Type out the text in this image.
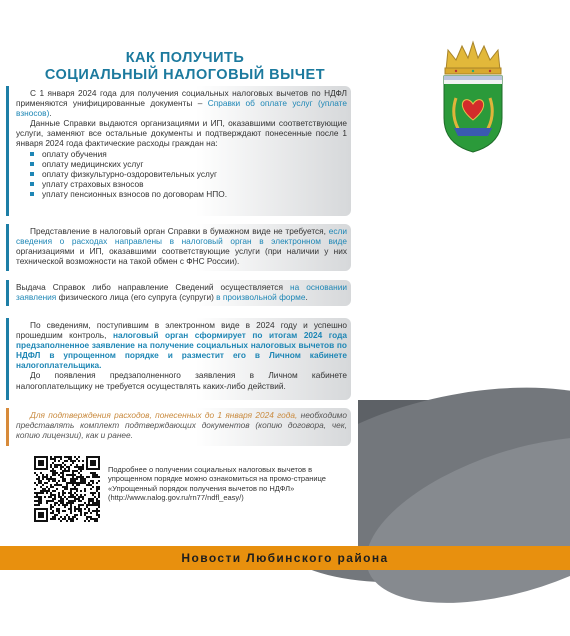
КАК ПОЛУЧИТЬ
СОЦИАЛЬНЫЙ НАЛОГОВЫЙ ВЫЧЕТ

С 1 января 2024 года для получения социальных налоговых вычетов по НДФЛ применяются унифицированные документы – Справки об оплате услуг (уплате взносов).

Данные Справки выдаются организациями и ИП, оказавшими соответствующие услуги, заменяют все остальные документы и подтверждают понесенные после 1 января 2024 года фактические расходы граждан на:

оплату обучения
оплату медицинских услуг
оплату физкультурно-оздоровительных услуг
уплату страховых взносов
уплату пенсионных взносов по договорам НПО.

Представление в налоговый орган Справки в бумажном виде не требуется, если сведения о расходах направлены в налоговый орган в электронном виде организациями и ИП, оказавшими соответствующие услуги (при наличии у них технической возможности на такой обмен с ФНС России).

Выдача Справок либо направление Сведений осуществляется на основании заявления физического лица (его супруга (супруги) в произвольной форме.

По сведениям, поступившим в электронном виде в 2024 году и успешно прошедшим контроль, налоговый орган сформирует по итогам 2024 года предзаполненное заявление на получение социальных налоговых вычетов по НДФЛ в упрощенном порядке и разместит его в Личном кабинете налогоплательщика.

До появления предзаполненного заявления в Личном кабинете налогоплательщику не требуется осуществлять каких-либо действий.

Для подтверждения расходов, понесенных до 1 января 2024 года, необходимо представлять комплект подтверждающих документов (копию договора, чек, копию лицензии), как и ранее.

Подробнее о получении социальных налоговых вычетов в упрощенном порядке можно ознакомиться на промо-странице «Упрощенный порядок получения вычетов по НДФЛ» (http://www.nalog.gov.ru/rn77/ndfl_easy/)
Новости Любинского района
